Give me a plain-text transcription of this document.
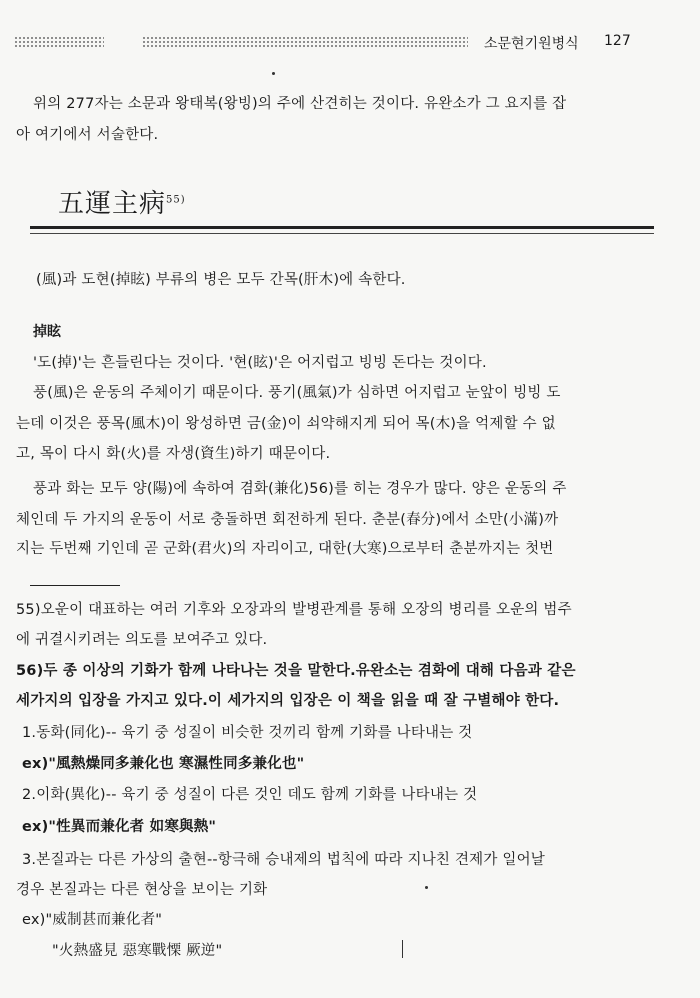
소문현기원병식 127
위의 277자는 소문과 왕태복(왕빙)의 주에 산견히는 것이다. 유완소가 그 요지를 잡
아 여기에서 서술한다.
五運主病$^{55)}$
(風)과 도현(掉眩) 부류의 병은 모두 간목(肝木)에 속한다.
掉眩
'도(掉)'는 흔들린다는 것이다. '현(眩)'은 어지럽고 빙빙 돈다는 것이다.
풍(風)은 운동의 주체이기 때문이다. 풍기(風氣)가 심하면 어지럽고 눈앞이 빙빙 도
는데 이것은 풍목(風木)이 왕성하면 금(金)이 쇠약해지게 되어 목(木)을 억제할 수 없
고, 목이 다시 화(火)를 자생(資生)하기 때문이다.
풍과 화는 모두 양(陽)에 속하여 겸화(兼化)56)를 히는 경우가 많다. 양은 운동의 주
체인데 두 가지의 운동이 서로 충돌하면 회전하게 된다. 춘분(春分)에서 소만(小滿)까
지는 두번째 기인데 곧 군화(君火)의 자리이고, 대한(大寒)으로부터 춘분까지는 첫번
55)오운이 대표하는 여러 기후와 오장과의 발병관계를 통해 오장의 병리를 오운의 범주
에 귀결시키려는 의도를 보여주고 있다.
56)두 종 이상의 기화가 함께 나타나는 것을 말한다.유완소는 겸화에 대해 다음과 같은
세가지의 입장을 가지고 있다.이 세가지의 입장은 이 책을 읽을 때 잘 구별해야 한다.
1.동화(同化)-- 육기 중 성질이 비슷한 것끼리 함께 기화를 나타내는 것
ex)"風熱燥同多兼化也 寒濕性同多兼化也"
2.이화(異化)-- 육기 중 성질이 다른 것인 데도 함께 기화를 나타내는 것
ex)"性異而兼化者 如寒與熱"
3.본질과는 다른 가상의 출현--항극해 승내제의 법칙에 따라 지나친 견제가 일어날
경우 본질과는 다른 현상을 보이는 기화
ex)"威制甚而兼化者"
"火熱盛見 惡寒戰慄 厥逆"
